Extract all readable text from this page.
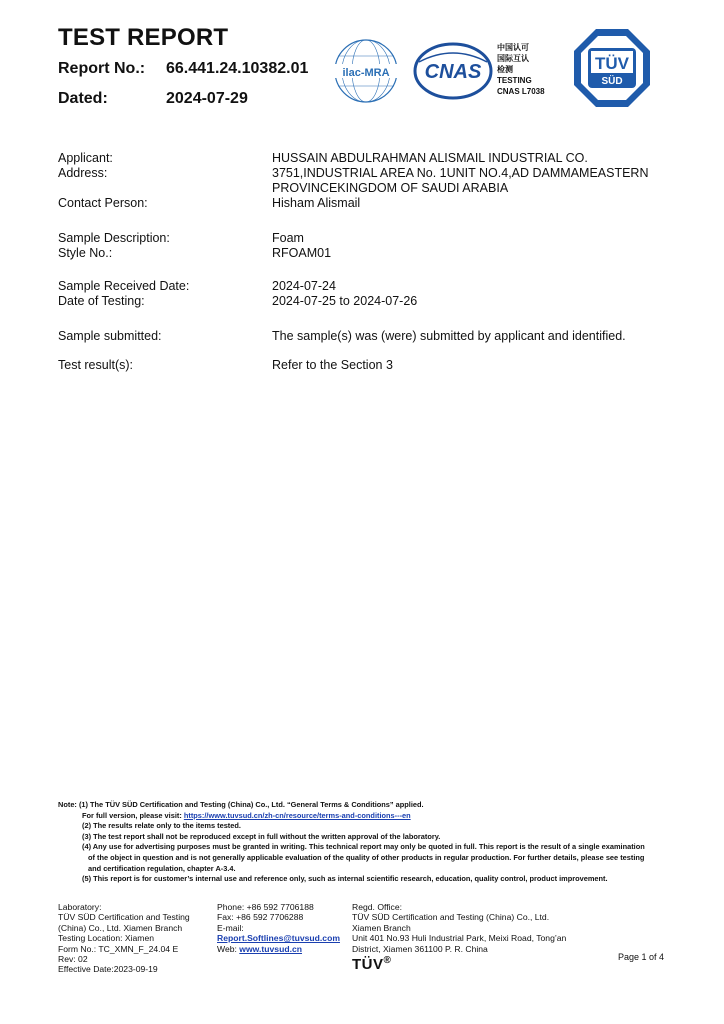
TEST REPORT
Report No.: 66.441.24.10382.01
Dated:	2024-07-29
ilac-MRA CNAS
中国认可
国际互认
检测
TESTING
CNAS L7038
TÜV
SÜD
Applicant:	HUSSAIN ABDULRAHMAN ALISMAIL INDUSTRIAL CO.
Address:	3751,INDUSTRIAL AREA No. 1UNIT NO.4,AD DAMMAMEASTERN
PROVINCEKINGDOM OF SAUDI ARABIA
Contact Person:	Hisham Alismail
Sample Description:	Foam
Style No.:	RFOAM01
Sample Received Date:	2024-07-24
Date of Testing:	2024-07-25 to 2024-07-26
Sample submitted:	The sample(s) was (were) submitted by applicant and identified.
Test result(s):	Refer to the Section 3
Note: (1) The TÜV SÜD Certification and Testing (China) Co., Ltd. “General Terms & Conditions” applied.
For full version, please visit: https://www.tuvsud.cn/zh-cn/resource/terms-and-conditions---en
(2) The results relate only to the items tested.
(3) The test report shall not be reproduced except in full without the written approval of the laboratory.
(4) Any use for advertising purposes must be granted in writing. This technical report may only be quoted in full. This report is the result of a single examination
of the object in question and is not generally applicable evaluation of the quality of other products in regular production. For further details, please see testing
and certification regulation, chapter A-3.4.
(5) This report is for customer’s internal use and reference only, such as internal scientific research, education, quality control, product improvement.
Laboratory:
TÜV SÜD Certification and Testing
(China) Co., Ltd. Xiamen Branch
Testing Location: Xiamen
Form No.: TC_XMN_F_24.04 E
Rev: 02
Effective Date:2023-09-19
Phone: +86 592 7706188
Fax: +86 592 7706288
E-mail:
Report.Softlines@tuvsud.com
Web: www.tuvsud.cn
Regd. Office:
TÜV SÜD Certification and Testing (China) Co., Ltd.
Xiamen Branch
Unit 401 No.93 Huli Industrial Park, Meixi Road, Tong’an
District, Xiamen 361100 P. R. China
TÜV®	Page 1 of 4
